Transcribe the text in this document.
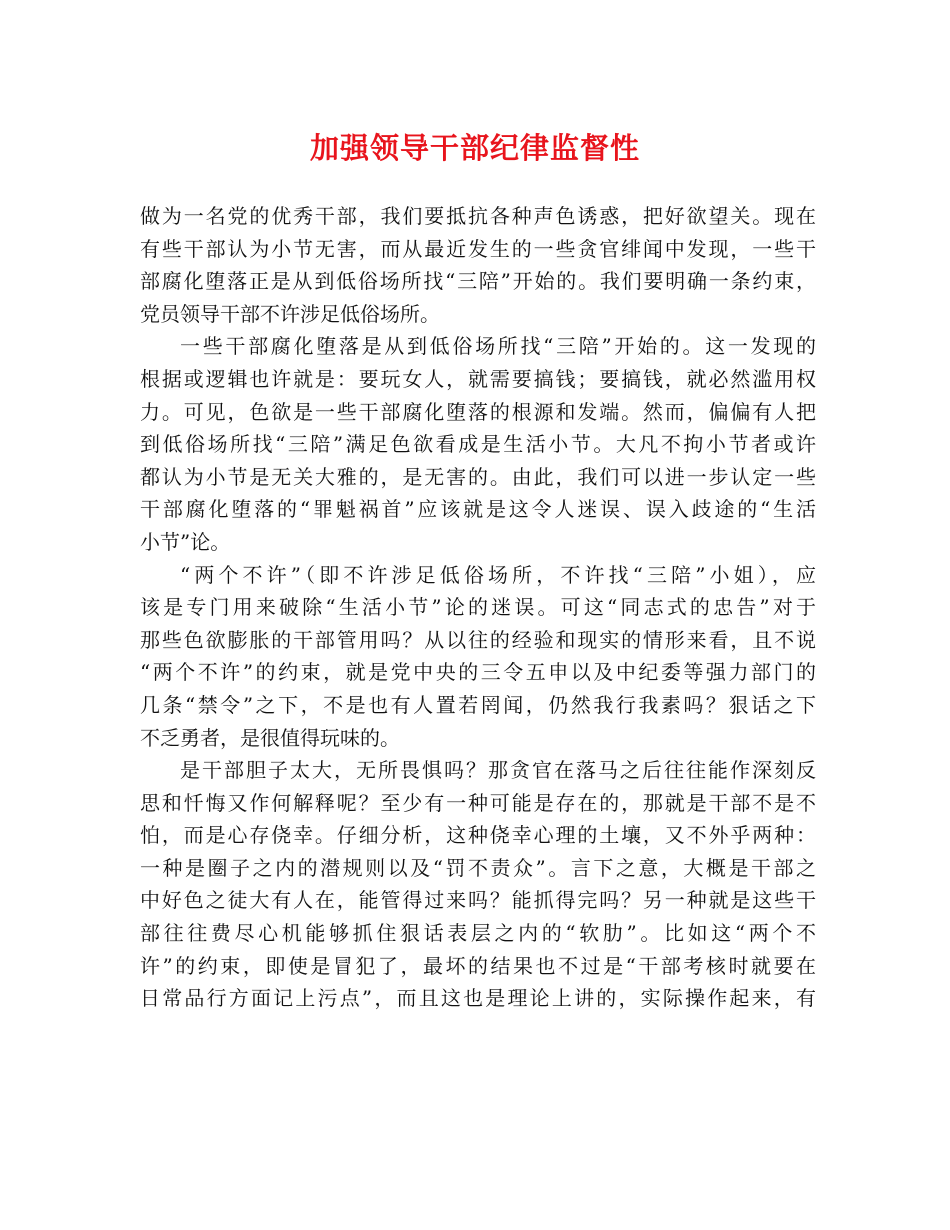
加强领导干部纪律监督性
做为一名党的优秀干部，我们要抵抗各种声色诱惑，把好欲望关。现在
有些干部认为小节无害，而从最近发生的一些贪官绯闻中发现，一些干
部腐化堕落正是从到低俗场所找“三陪”开始的。我们要明确一条约束，
党员领导干部不许涉足低俗场所。
一些干部腐化堕落是从到低俗场所找“三陪”开始的。这一发现的
根据或逻辑也许就是：要玩女人，就需要搞钱；要搞钱，就必然滥用权
力。可见，色欲是一些干部腐化堕落的根源和发端。然而，偏偏有人把
到低俗场所找“三陪”满足色欲看成是生活小节。大凡不拘小节者或许
都认为小节是无关大雅的，是无害的。由此，我们可以进一步认定一些
干部腐化堕落的“罪魁祸首”应该就是这令人迷误、误入歧途的“生活
小节”论。
“两个不许”（即不许涉足低俗场所，不许找“三陪”小姐），应
该是专门用来破除“生活小节”论的迷误。可这“同志式的忠告”对于
那些色欲膨胀的干部管用吗？从以往的经验和现实的情形来看，且不说
“两个不许”的约束，就是党中央的三令五申以及中纪委等强力部门的
几条“禁令”之下，不是也有人置若罔闻，仍然我行我素吗？狠话之下
不乏勇者，是很值得玩味的。
是干部胆子太大，无所畏惧吗？那贪官在落马之后往往能作深刻反
思和忏悔又作何解释呢？至少有一种可能是存在的，那就是干部不是不
怕，而是心存侥幸。仔细分析，这种侥幸心理的土壤，又不外乎两种：
一种是圈子之内的潜规则以及“罚不责众”。言下之意，大概是干部之
中好色之徒大有人在，能管得过来吗？能抓得完吗？另一种就是这些干
部往往费尽心机能够抓住狠话表层之内的“软肋”。比如这“两个不
许”的约束，即使是冒犯了，最坏的结果也不过是“干部考核时就要在
日常品行方面记上污点”，而且这也是理论上讲的，实际操作起来，有
